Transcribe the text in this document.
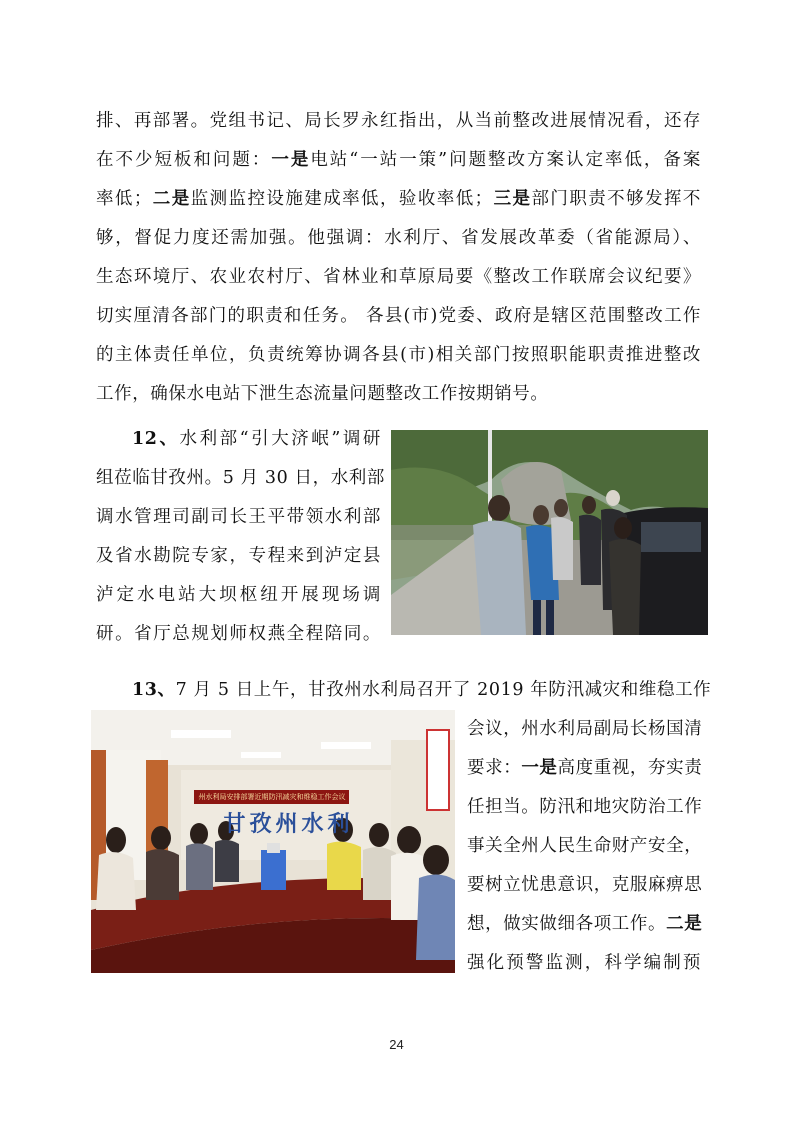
排、再部署。党组书记、局长罗永红指出，从当前整改进展情况看，还存
在不少短板和问题：一是电站“一站一策”问题整改方案认定率低，备案
率低；二是监测监控设施建成率低，验收率低；三是部门职责不够发挥不
够，督促力度还需加强。他强调：水利厅、省发展改革委（省能源局）、
生态环境厅、农业农村厅、省林业和草原局要《整改工作联席会议纪要》
切实厘清各部门的职责和任务。 各县(市)党委、政府是辖区范围整改工作
的主体责任单位，负责统筹协调各县(市)相关部门按照职能职责推进整改
工作，确保水电站下泄生态流量问题整改工作按期销号。
12、水利部“引大济岷”调研
组莅临甘孜州。5 月 30 日，水利部
调水管理司副司长王平带领水利部
及省水勘院专家，专程来到泸定县
泸定水电站大坝枢纽开展现场调
研。省厅总规划师权燕全程陪同。
13、7 月 5 日上午，甘孜州水利局召开了 2019 年防汛减灾和维稳工作
州水利局安排部署近期防汛减灾和维稳工作会议
甘孜州水利
会议，州水利局副局长杨国清
要求：一是高度重视，夯实责
任担当。防汛和地灾防治工作
事关全州人民生命财产安全，
要树立忧患意识，克服麻痹思
想，做实做细各项工作。二是
强化预警监测，科学编制预
24
